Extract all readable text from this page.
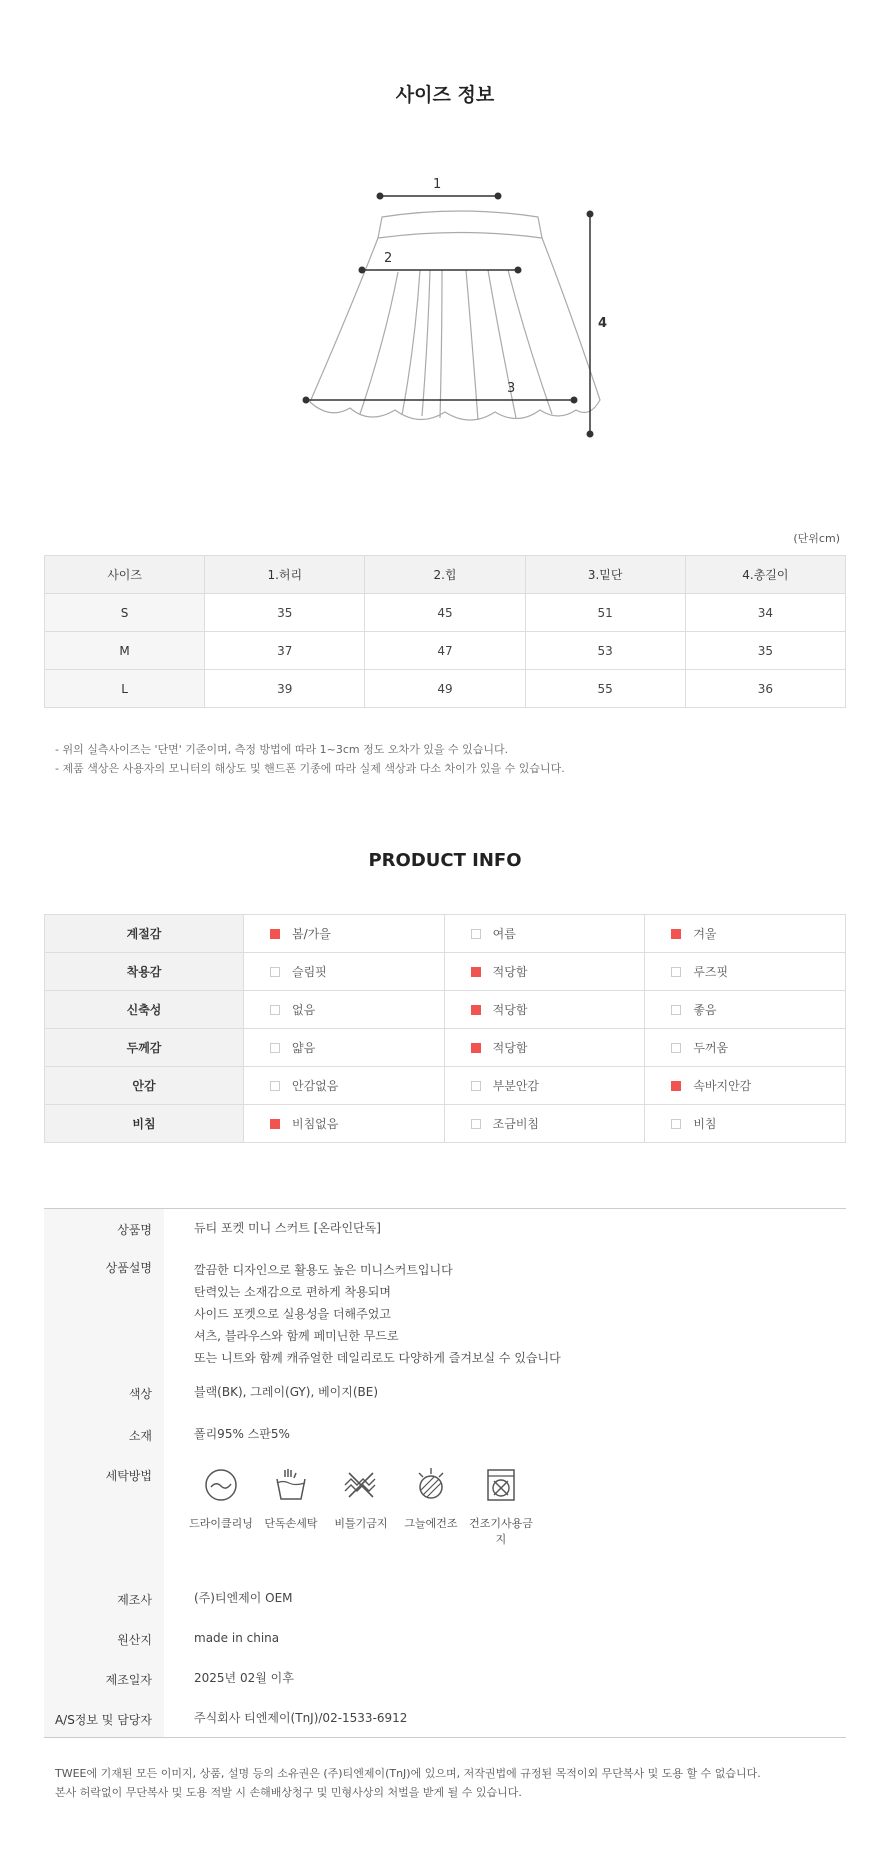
사이즈 정보
1
2
3
4
(단위cm)
사이즈	1.허리	2.힙	3.밑단	4.총길이
S	35	45	51	34
M	37	47	53	35
L	39	49	55	36
- 위의 실측사이즈는 '단면' 기준이며, 측정 방법에 따라 1~3cm 정도 오차가 있을 수 있습니다.
- 제품 색상은 사용자의 모니터의 해상도 및 핸드폰 기종에 따라 실제 색상과 다소 차이가 있을 수 있습니다.
PRODUCT INFO
계절감	봄/가을	여름	겨울
착용감	슬림핏	적당함	루즈핏
신축성	없음	적당함	좋음
두께감	얇음	적당함	두꺼움
안감	안감없음	부분안감	속바지안감
비침	비침없음	조금비침	비침
상품명	듀티 포켓 미니 스커트 [온라인단독]
상품설명	깔끔한 디자인으로 활용도 높은 미니스커트입니다
탄력있는 소재감으로 편하게 착용되며
사이드 포켓으로 실용성을 더해주었고
셔츠, 블라우스와 함께 페미닌한 무드로
또는 니트와 함께 캐쥬얼한 데일리로도 다양하게 즐겨보실 수 있습니다
색상	블랙(BK), 그레이(GY), 베이지(BE)
소재	폴리95% 스판5%
세탁방법
드라이클리닝	단독손세탁	비틀기금지	그늘에건조	건조기사용금지
제조사	(주)티엔제이 OEM
원산지	made in china
제조일자	2025년 02월 이후
A/S정보 및 담당자	주식회사 티엔제이(TnJ)/02-1533-6912
TWEE에 기재된 모든 이미지, 상품, 설명 등의 소유권은 (주)티엔제이(TnJ)에 있으며, 저작권법에 규정된 목적이외 무단복사 및 도용 할 수 없습니다.
본사 허락없이 무단복사 및 도용 적발 시 손해배상청구 및 민형사상의 처벌을 받게 될 수 있습니다.
